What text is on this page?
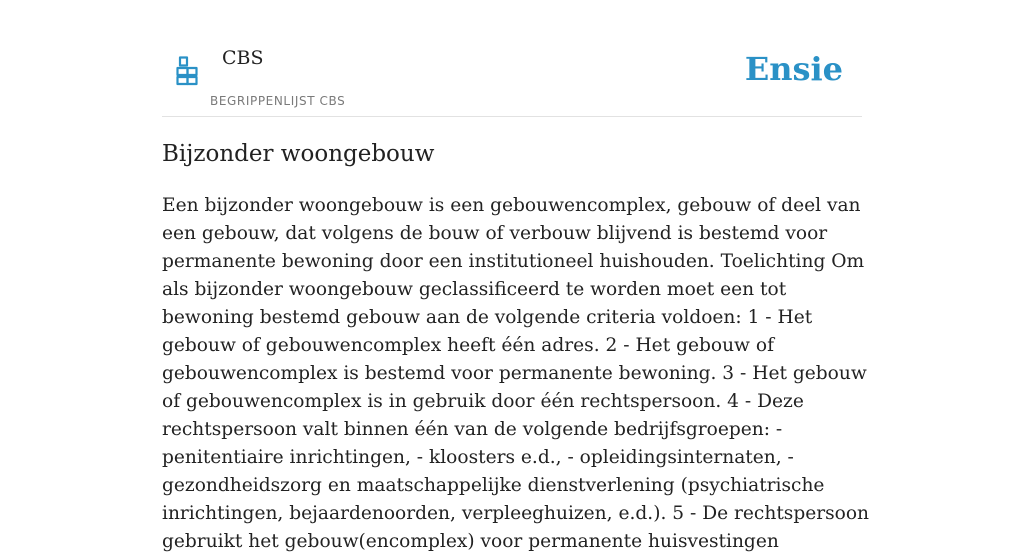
CBS
BEGRIPPENLIJST CBS
Ensie
Bijzonder woongebouw

Een bijzonder woongebouw is een gebouwencomplex, gebouw of deel van een gebouw, dat volgens de bouw of verbouw blijvend is bestemd voor permanente bewoning door een institutioneel huishouden. Toelichting Om als bijzonder woongebouw geclassificeerd te worden moet een tot bewoning bestemd gebouw aan de volgende criteria voldoen: 1 - Het gebouw of gebouwencomplex heeft één adres. 2 - Het gebouw of gebouwencomplex is bestemd voor permanente bewoning. 3 - Het gebouw of gebouwencomplex is in gebruik door één rechtspersoon. 4 - Deze rechtspersoon valt binnen één van de volgende bedrijfsgroepen: - penitentiaire inrichtingen, - kloosters e.d., - opleidingsinternaten, - gezondheidszorg en maatschappelijke dienstverlening (psychiatrische inrichtingen, bejaardenoorden, verpleeghuizen, e.d.). 5 - De rechtspersoon gebruikt het gebouw(encomplex) voor permanente huisvestingen
